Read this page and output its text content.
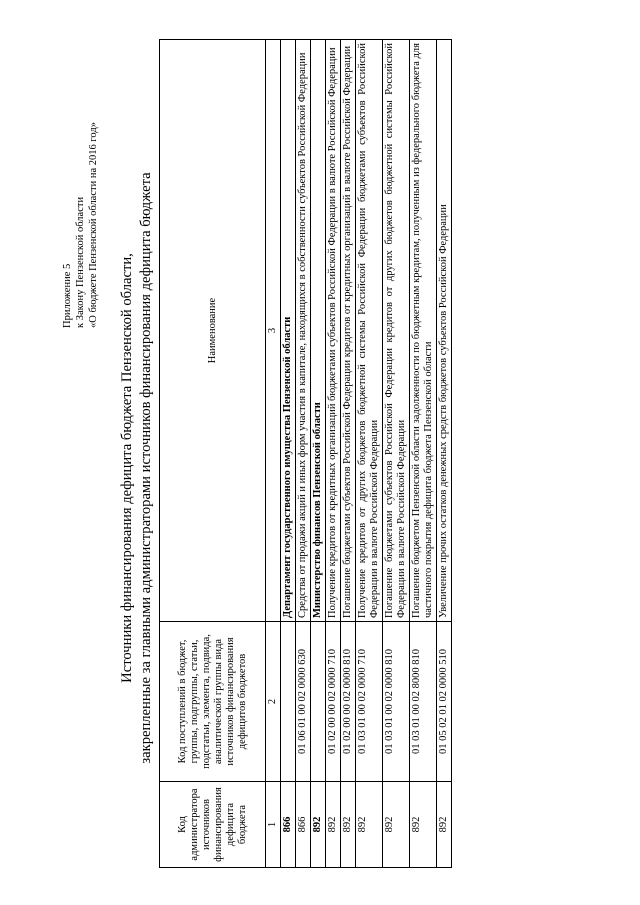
Приложение 5 к Закону Пензенской области «О бюджете Пензенской области на 2016 год»
Источники финансирования дефицита бюджета Пензенской области, закрепленные за главными администраторами источников финансирования дефицита бюджета
Код администратора источников финансирования дефицита бюджета	Код поступлений в бюджет, группы, подгруппы, статьи, подстатьи, элемента, подвида, аналитической группы вида источников финансирования дефицитов бюджетов	Наименование
1	2	3
866		Департамент государственного имущества Пензенской области
866	01 06 01 00 02 0000 630	Средства от продажи акций и иных форм участия в капитале, находящихся в собственности субъектов Российской Федерации
892		Министерство финансов Пензенской области
892	01 02 00 00 02 0000 710	Получение кредитов от кредитных организаций бюджетами субъектов Российской Федерации в валюте Российской Федерации
892	01 02 00 00 02 0000 810	Погашение бюджетами субъектов Российской Федерации кредитов от кредитных организаций в валюте Российской Федерации
892	01 03 01 00 02 0000 710	Получение кредитов от других бюджетов бюджетной системы Российской Федерации бюджетами субъектов Российской Федерации в валюте Российской Федерации
892	01 03 01 00 02 0000 810	Погашение бюджетами субъектов Российской Федерации кредитов от других бюджетов бюджетной системы Российской Федерации в валюте Российской Федерации
892	01 03 01 00 02 8000 810	Погашение бюджетом Пензенской области задолженности по бюджетным кредитам, полученным из федерального бюджета для частичного покрытия дефицита бюджета Пензенской области
892	01 05 02 01 02 0000 510	Увеличение прочих остатков денежных средств бюджетов субъектов Российской Федерации
